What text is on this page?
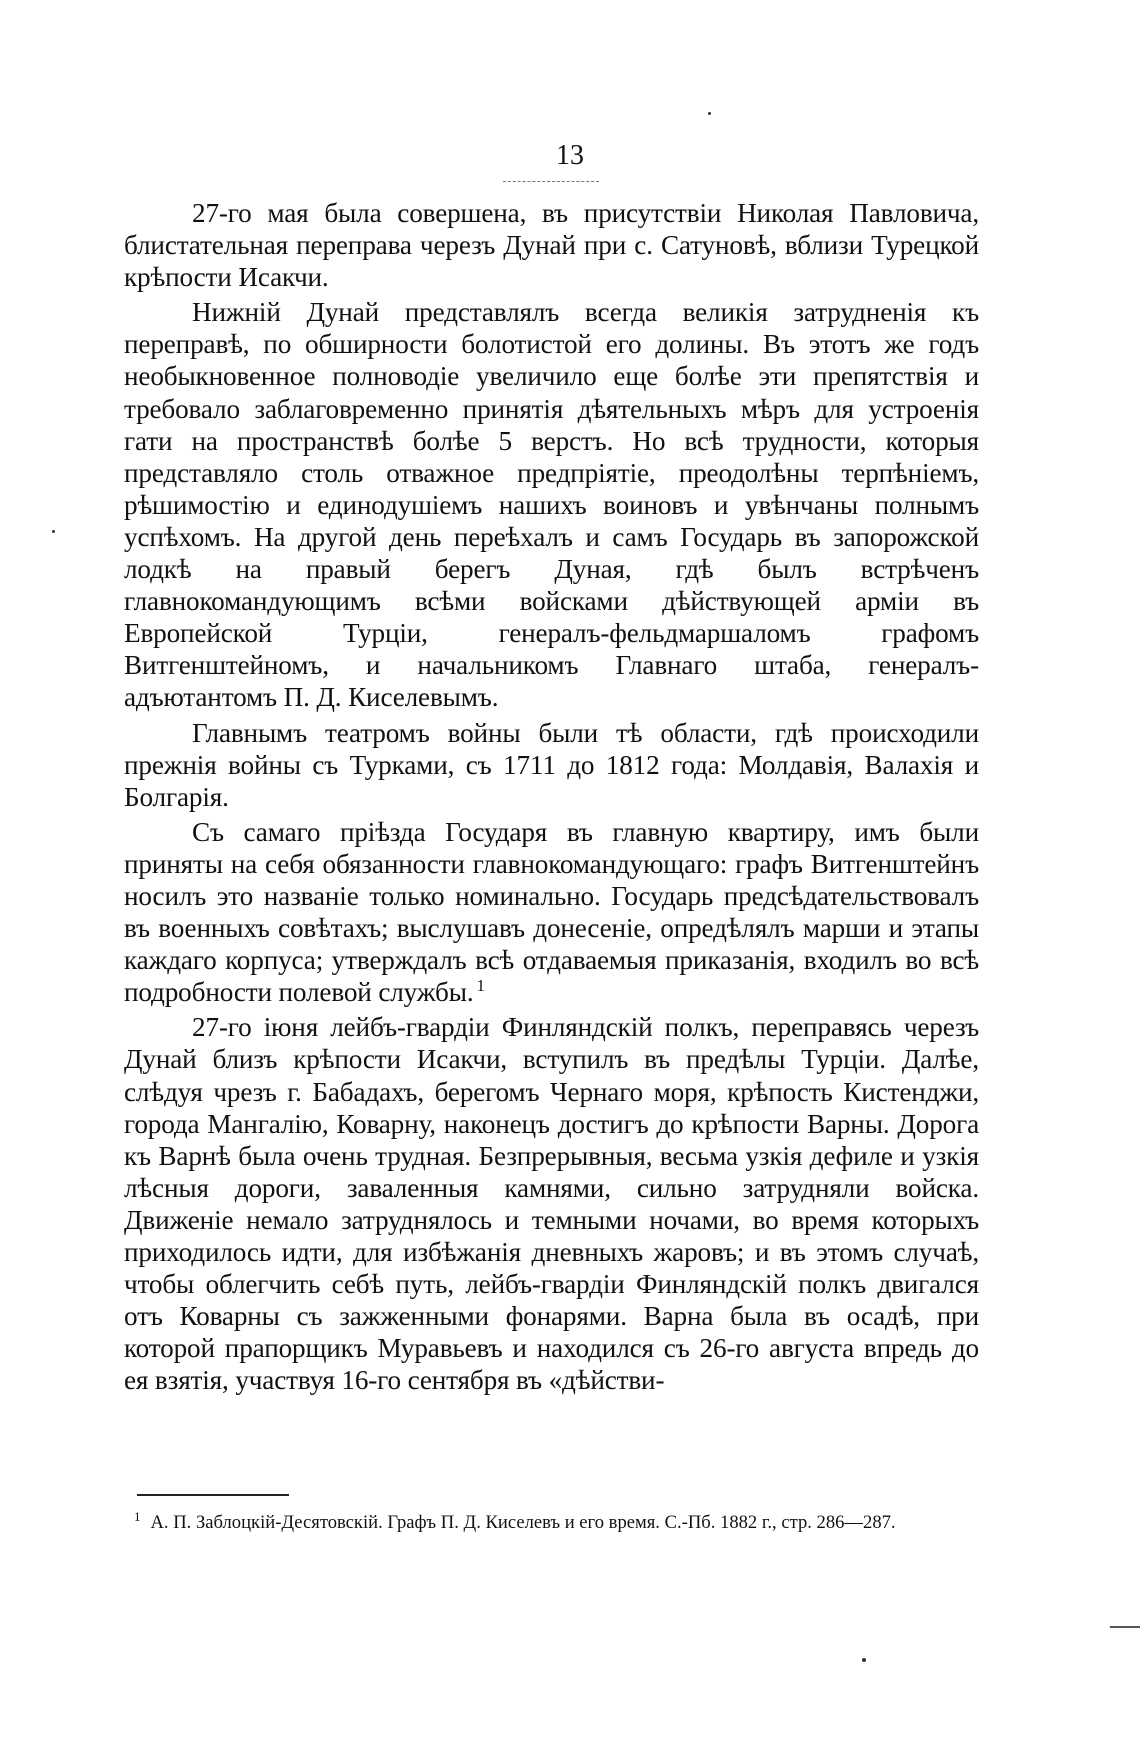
13

27-го мая была совершена, въ присутствіи Николая Павловича, блистательная переправа черезъ Дунай при с. Сатуновѣ, вблизи Турецкой крѣпости Исакчи.

Нижній Дунай представлялъ всегда великія затрудненія къ переправѣ, по обширности болотистой его долины. Въ этотъ же годъ необыкновенное полноводіе увеличило еще болѣе эти препятствія и требовало заблаговременно принятія дѣятельныхъ мѣръ для устроенія гати на пространствѣ болѣе 5 верстъ. Но всѣ трудности, которыя представляло столь отважное предпріятіе, преодолѣны терпѣніемъ, рѣшимостію и единодушіемъ нашихъ воиновъ и увѣнчаны полнымъ успѣхомъ. На другой день переѣхалъ и самъ Государь въ запорожской лодкѣ на правый берегъ Дуная, гдѣ былъ встрѣченъ главнокомандующимъ всѣми войсками дѣйствующей арміи въ Европейской Турціи, генералъ-фельдмаршаломъ графомъ Витгенштейномъ, и начальникомъ Главнаго штаба, генералъ-адъютантомъ П. Д. Киселевымъ.

Главнымъ театромъ войны были тѣ области, гдѣ происходили прежнія войны съ Турками, съ 1711 до 1812 года: Молдавія, Валахія и Болгарія.

Съ самаго пріѣзда Государя въ главную квартиру, имъ были приняты на себя обязанности главнокомандующаго: графъ Витгенштейнъ носилъ это названіе только номинально. Государь предсѣдательствовалъ въ военныхъ совѣтахъ; выслушавъ донесеніе, опредѣлялъ марши и этапы каждаго корпуса; утверждалъ всѣ отдаваемыя приказанія, входилъ во всѣ подробности полевой службы. $^1$

27-го іюня лейбъ-гвардіи Финляндскій полкъ, переправясь черезъ Дунай близъ крѣпости Исакчи, вступилъ въ предѣлы Турціи. Далѣе, слѣдуя чрезъ г. Бабадахъ, берегомъ Чернаго моря, крѣпость Кистенджи, города Мангалію, Коварну, наконецъ достигъ до крѣпости Варны. Дорога къ Варнѣ была очень трудная. Безпрерывныя, весьма узкія дефиле и узкія лѣсныя дороги, заваленныя камнями, сильно затрудняли войска. Движеніе немало затруднялось и темными ночами, во время которыхъ приходилось идти, для избѣжанія дневныхъ жаровъ; и въ этомъ случаѣ, чтобы облегчить себѣ путь, лейбъ-гвардіи Финляндскій полкъ двигался отъ Коварны съ зажженными фонарями. Варна была въ осадѣ, при которой прапорщикъ Муравьевъ и находился съ 26-го августа впредь до ея взятія, участвуя 16-го сентября въ «дѣйстви-

$^1$ А. П. Заблоцкій-Десятовскій. Графъ П. Д. Киселевъ и его время. С.-Пб. 1882 г., стр. 286—287.
